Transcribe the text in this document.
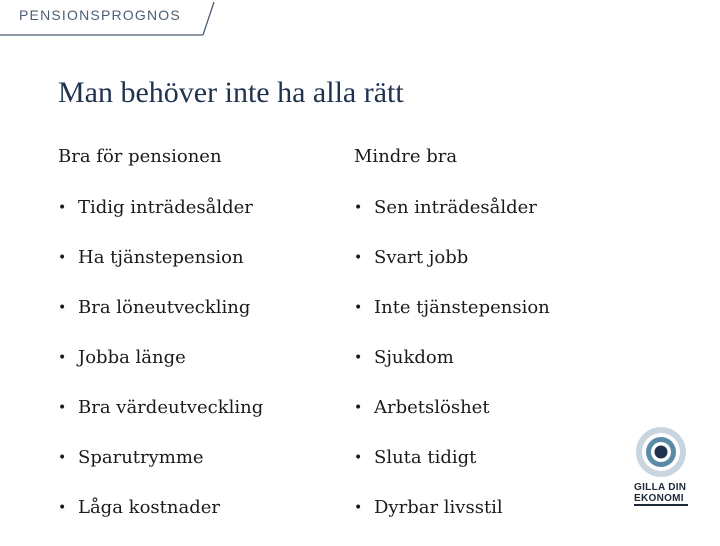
PENSIONSPROGNOS
Man behöver inte ha alla rätt
Bra för pensionen	Mindre bra
• Tidig inträdesålder
• Ha tjänstepension
• Bra löneutveckling
• Jobba länge
• Bra värdeutveckling
• Sparutrymme
• Låga kostnader
• Sen inträdesålder
• Svart jobb
• Inte tjänstepension
• Sjukdom
• Arbetslöshet
• Sluta tidigt
• Dyrbar livsstil
GILLA DIN
EKONOMI
